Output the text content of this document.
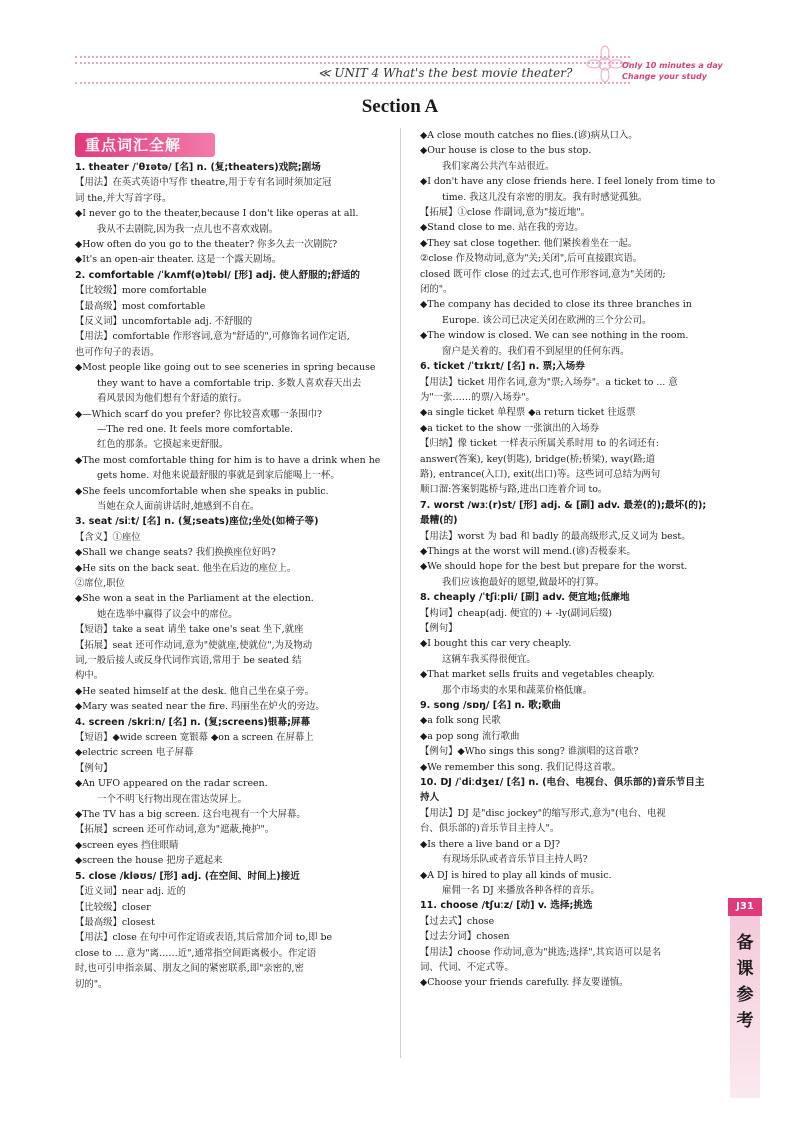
≪ UNIT 4 What's the best movie theater?
Only 10 minutes a day
Change your study
Section A
重点词汇全解

1. theater /ˈθɪətə/ [名] n. (复;theaters)戏院;剧场

【用法】在英式英语中写作 theatre,用于专有名词时须加定冠

词 the,并大写首字母。

◆I never go to the theater,because I don't like operas at all.

我从不去剧院,因为我一点儿也不喜欢戏剧。

◆How often do you go to the theater? 你多久去一次剧院?

◆It's an open-air theater. 这是一个露天剧场。

2. comfortable /ˈkʌmf(ə)təbl/ [形] adj. 使人舒服的;舒适的

【比较级】more comfortable

【最高级】most comfortable

【反义词】uncomfortable adj. 不舒服的

【用法】comfortable 作形容词,意为"舒适的",可修饰名词作定语,

也可作句子的表语。

◆Most people like going out to see sceneries in spring because

they want to have a comfortable trip. 多数人喜欢春天出去

看风景因为他们想有个舒适的旅行。

◆—Which scarf do you prefer? 你比较喜欢哪一条围巾?

—The red one. It feels more comfortable.

红色的那条。它摸起来更舒服。

◆The most comfortable thing for him is to have a drink when he

gets home. 对他来说最舒服的事就是到家后能喝上一杯。

◆She feels uncomfortable when she speaks in public.

当她在众人面前讲话时,她感到不自在。

3. seat /siːt/ [名] n. (复;seats)座位;坐处(如椅子等)

【含义】①座位

◆Shall we change seats? 我们换换座位好吗?

◆He sits on the back seat. 他坐在后边的座位上。

②席位,职位

◆She won a seat in the Parliament at the election.

她在选举中赢得了议会中的席位。

【短语】take a seat 请坐 take one's seat 坐下,就座

【拓展】seat 还可作动词,意为"使就座,使就位",为及物动

词,一般后接人或反身代词作宾语,常用于 be seated 结

构中。

◆He seated himself at the desk. 他自己坐在桌子旁。

◆Mary was seated near the fire. 玛丽坐在炉火的旁边。

4. screen /skriːn/ [名] n. (复;screens)银幕;屏幕

【短语】◆wide screen 宽银幕 ◆on a screen 在屏幕上

◆electric screen 电子屏幕

【例句】

◆An UFO appeared on the radar screen.

一个不明飞行物出现在雷达荧屏上。

◆The TV has a big screen. 这台电视有一个大屏幕。

【拓展】screen 还可作动词,意为"遮蔽,掩护"。

◆screen eyes 挡住眼睛

◆screen the house 把房子遮起来

5. close /kləʊs/ [形] adj. (在空间、时间上)接近

【近义词】near adj. 近的

【比较级】closer

【最高级】closest

【用法】close 在句中可作定语或表语,其后常加介词 to,即 be

close to ... 意为"离……近",通常指空间距离极小。作定语

时,也可引申指亲属、朋友之间的紧密联系,即"亲密的,密

切的"。

◆A close mouth catches no flies.(谚)病从口入。

◆Our house is close to the bus stop.

我们家离公共汽车站很近。

◆I don't have any close friends here. I feel lonely from time to

time. 我这儿没有亲密的朋友。我有时感觉孤独。

【拓展】①close 作副词,意为"接近地"。

◆Stand close to me. 站在我的旁边。

◆They sat close together. 他们紧挨着坐在一起。

②close 作及物动词,意为"关;关闭",后可直接跟宾语。

closed 既可作 close 的过去式,也可作形容词,意为"关闭的;

闭的"。

◆The company has decided to close its three branches in

Europe. 该公司已决定关闭在欧洲的三个分公司。

◆The window is closed. We can see nothing in the room.

窗户是关着的。我们看不到屋里的任何东西。

6. ticket /ˈtɪkɪt/ [名] n. 票;入场券

【用法】ticket 用作名词,意为"票;入场券"。a ticket to ... 意

为"一张……的票/入场券"。

◆a single ticket 单程票 ◆a return ticket 往返票

◆a ticket to the show 一张演出的入场券

【归纳】像 ticket 一样表示所属关系时用 to 的名词还有:

answer(答案), key(钥匙), bridge(桥;桥梁), way(路;道

路), entrance(入口), exit(出口)等。这些词可总结为两句

顺口溜:答案钥匙桥与路,进出口连着介词 to。

7. worst /wɜː(r)st/ [形] adj. & [副] adv. 最差(的);最坏(的);

最糟(的)

【用法】worst 为 bad 和 badly 的最高级形式,反义词为 best。

◆Things at the worst will mend.(谚)否极泰来。

◆We should hope for the best but prepare for the worst.

我们应该抱最好的愿望,做最坏的打算。

8. cheaply /ˈtʃiːpli/ [副] adv. 便宜地;低廉地

【构词】cheap(adj. 便宜的) + -ly(副词后缀)

【例句】

◆I bought this car very cheaply.

这辆车我买得很便宜。

◆That market sells fruits and vegetables cheaply.

那个市场卖的水果和蔬菜价格低廉。

9. song /sɒŋ/ [名] n. 歌;歌曲

◆a folk song 民歌

◆a pop song 流行歌曲

【例句】◆Who sings this song? 谁演唱的这首歌?

◆We remember this song. 我们记得这首歌。

10. DJ /ˈdiːdʒeɪ/ [名] n. (电台、电视台、俱乐部的)音乐节目主

持人

【用法】DJ 是"disc jockey"的缩写形式,意为"(电台、电视

台、俱乐部的)音乐节目主持人"。

◆Is there a live band or a DJ?

有现场乐队或者音乐节目主持人吗?

◆A DJ is hired to play all kinds of music.

雇佣一名 DJ 来播放各种各样的音乐。

11. choose /tʃuːz/ [动] v. 选择;挑选

【过去式】chose

【过去分词】chosen

【用法】choose 作动词,意为"挑选;选择",其宾语可以是名

词、代词、不定式等。

◆Choose your friends carefully. 择友要谨慎。

J31
备课参考
